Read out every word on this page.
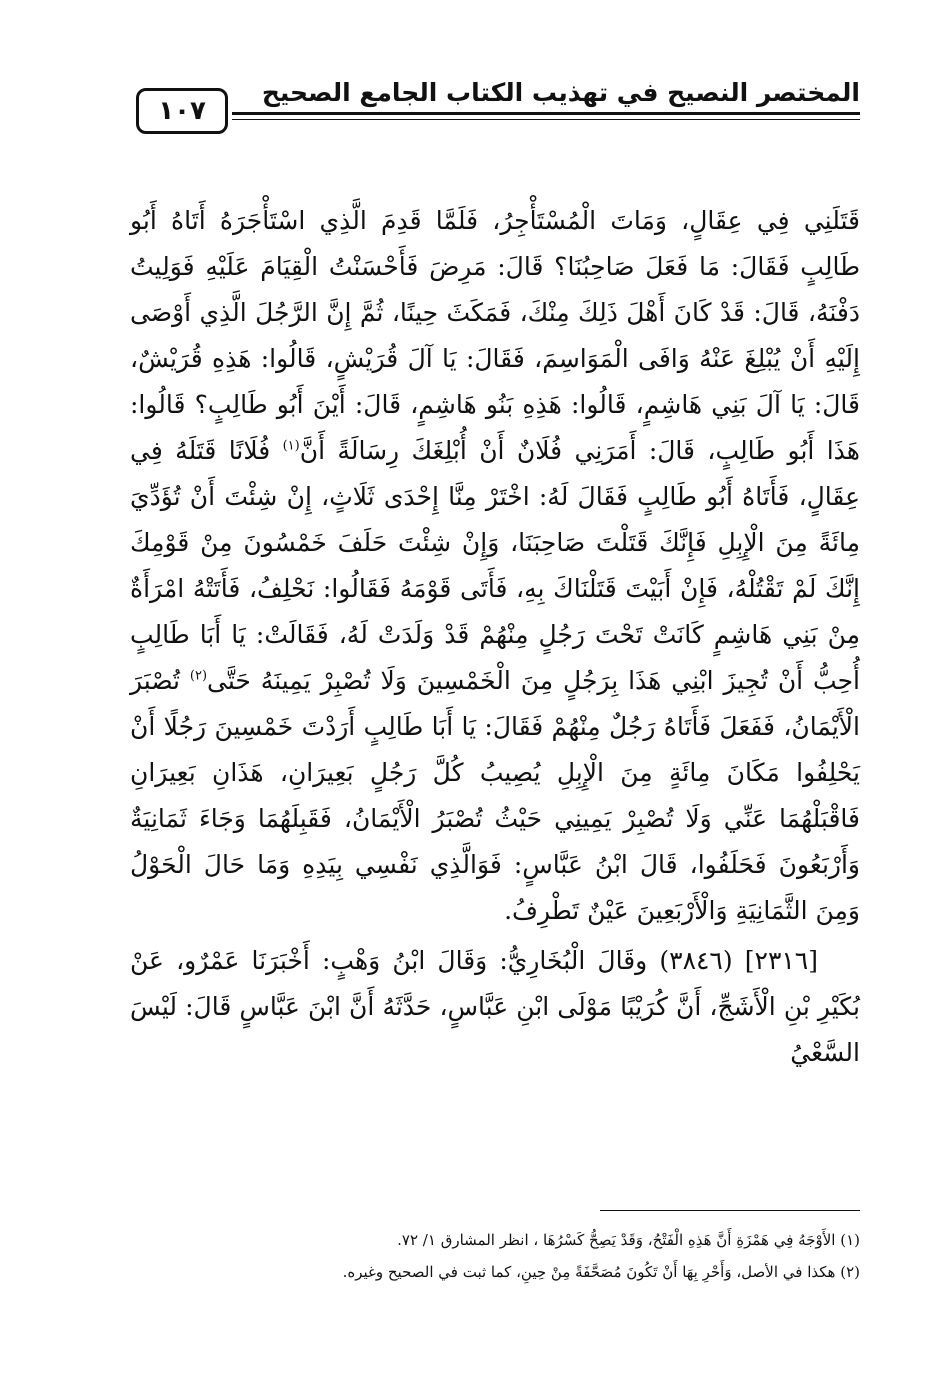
المختصر النصيح في تهذيب الكتاب الجامع الصحيح
١٠٧

قَتَلَنِي فِي عِقَالٍ، وَمَاتَ الْمُسْتَأْجِرُ، فَلَمَّا قَدِمَ الَّذِي اسْتَأْجَرَهُ أَتَاهُ أَبُو طَالِبٍ فَقَالَ: مَا فَعَلَ صَاحِبُنَا؟ قَالَ: مَرِضَ فَأَحْسَنْتُ الْقِيَامَ عَلَيْهِ فَوَلِيتُ دَفْنَهُ، قَالَ: قَدْ كَانَ أَهْلَ ذَلِكَ مِنْكَ، فَمَكَثَ حِينًا، ثُمَّ إِنَّ الرَّجُلَ الَّذِي أَوْصَى إِلَيْهِ أَنْ يُبْلِغَ عَنْهُ وَافَى الْمَوَاسِمَ، فَقَالَ: يَا آلَ قُرَيْشٍ، قَالُوا: هَذِهِ قُرَيْشٌ، قَالَ: يَا آلَ بَنِي هَاشِمٍ، قَالُوا: هَذِهِ بَنُو هَاشِمٍ، قَالَ: أَيْنَ أَبُو طَالِبٍ؟ قَالُوا: هَذَا أَبُو طَالِبٍ، قَالَ: أَمَرَنِي فُلَانٌ أَنْ أُبْلِغَكَ رِسَالَةً أَنَّ$^{(١)}$ فُلَانًا قَتَلَهُ فِي عِقَالٍ، فَأَتَاهُ أَبُو طَالِبٍ فَقَالَ لَهُ: اخْتَرْ مِنَّا إِحْدَى ثَلَاثٍ، إِنْ شِئْتَ أَنْ تُؤَدِّيَ مِائَةً مِنَ الْإِبِلِ فَإِنَّكَ قَتَلْتَ صَاحِبَنَا، وَإِنْ شِئْتَ حَلَفَ خَمْسُونَ مِنْ قَوْمِكَ إِنَّكَ لَمْ تَقْتُلْهُ، فَإِنْ أَبَيْتَ قَتَلْنَاكَ بِهِ، فَأَتَى قَوْمَهُ فَقَالُوا: نَحْلِفُ، فَأَتَتْهُ امْرَأَةٌ مِنْ بَنِي هَاشِمٍ كَانَتْ تَحْتَ رَجُلٍ مِنْهُمْ قَدْ وَلَدَتْ لَهُ، فَقَالَتْ: يَا أَبَا طَالِبٍ أُحِبُّ أَنْ تُجِيزَ ابْنِي هَذَا بِرَجُلٍ مِنَ الْخَمْسِينَ وَلَا تُصْبِرْ يَمِينَهُ حَتَّى$^{(٢)}$ تُصْبَرَ الْأَيْمَانُ، فَفَعَلَ فَأَتَاهُ رَجُلٌ مِنْهُمْ فَقَالَ: يَا أَبَا طَالِبٍ أَرَدْتَ خَمْسِينَ رَجُلًا أَنْ يَحْلِفُوا مَكَانَ مِائَةٍ مِنَ الْإِبِلِ يُصِيبُ كُلَّ رَجُلٍ بَعِيرَانِ، هَذَانِ بَعِيرَانِ فَاقْبَلْهُمَا عَنِّي وَلَا تُصْبِرْ يَمِينِي حَيْثُ تُصْبَرُ الْأَيْمَانُ، فَقَبِلَهُمَا وَجَاءَ ثَمَانِيَةٌ وَأَرْبَعُونَ فَحَلَفُوا، قَالَ ابْنُ عَبَّاسٍ: فَوَالَّذِي نَفْسِي بِيَدِهِ وَمَا حَالَ الْحَوْلُ وَمِنَ الثَّمَانِيَةِ وَالْأَرْبَعِينَ عَيْنٌ تَطْرِفُ.

[٢٣١٦] (٣٨٤٦) وقَالَ الْبُخَارِيُّ: وَقَالَ ابْنُ وَهْبٍ: أَخْبَرَنَا عَمْرٌو، عَنْ بُكَيْرِ بْنِ الْأَشَجِّ، أَنَّ كُرَيْبًا مَوْلَى ابْنِ عَبَّاسٍ، حَدَّثَهُ أَنَّ ابْنَ عَبَّاسٍ قَالَ: لَيْسَ السَّعْيُ

(١) الأَوْجَهُ فِي هَمْزَةِ أَنَّ هَذِهِ الْفَتْحُ، وَقَدْ يَصِحُّ كَسْرُهَا ، انظر المشارق ١/ ٧٢.

(٢) هكذا في الأصل، وَأَحْرِ بِهَا أَنْ تَكُونَ مُصَحَّفَةً مِنْ حِينِ، كما ثبت في الصحيح وغيره.
